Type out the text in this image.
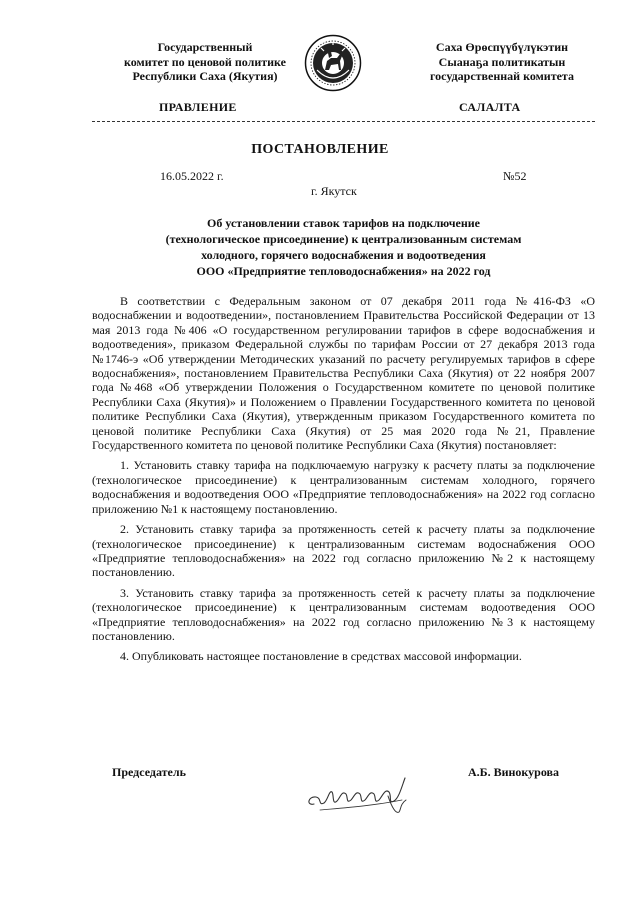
Государственный
комитет по ценовой политике
Республики Саха (Якутия)
Саха Өрөспүүбүлүкэтин
Сыанаҕа политикатын
государственнай комитета
ПРАВЛЕНИЕ	САЛАЛТА
ПОСТАНОВЛЕНИЕ
16.05.2022 г.	№52
г. Якутск
Об установлении ставок тарифов на подключение
(технологическое присоединение) к централизованным системам
холодного, горячего водоснабжения и водоотведения
ООО «Предприятие тепловодоснабжения» на 2022 год

В соответствии с Федеральным законом от 07 декабря 2011 года №416-ФЗ «О водоснабжении и водоотведении», постановлением Правительства Российской Федерации от 13 мая 2013 года №406 «О государственном регулировании тарифов в сфере водоснабжения и водоотведения», приказом Федеральной службы по тарифам России от 27 декабря 2013 года №1746-э «Об утверждении Методических указаний по расчету регулируемых тарифов в сфере водоснабжения», постановлением Правительства Республики Саха (Якутия) от 22 ноября 2007 года №468 «Об утверждении Положения о Государственном комитете по ценовой политике Республики Саха (Якутия)» и Положением о Правлении Государственного комитета по ценовой политике Республики Саха (Якутия), утвержденным приказом Государственного комитета по ценовой политике Республики Саха (Якутия) от 25 мая 2020 года №21, Правление Государственного комитета по ценовой политике Республики Саха (Якутия) постановляет:

1. Установить ставку тарифа на подключаемую нагрузку к расчету платы за подключение (технологическое присоединение) к централизованным системам холодного, горячего водоснабжения и водоотведения ООО «Предприятие тепловодоснабжения» на 2022 год согласно приложению №1 к настоящему постановлению.

2. Установить ставку тарифа за протяженность сетей к расчету платы за подключение (технологическое присоединение) к централизованным системам водоснабжения ООО «Предприятие тепловодоснабжения» на 2022 год согласно приложению №2 к настоящему постановлению.

3. Установить ставку тарифа за протяженность сетей к расчету платы за подключение (технологическое присоединение) к централизованным системам водоотведения ООО «Предприятие тепловодоснабжения» на 2022 год согласно приложению №3 к настоящему постановлению.

4. Опубликовать настоящее постановление в средствах массовой информации.

Председатель	А.Б. Винокурова
